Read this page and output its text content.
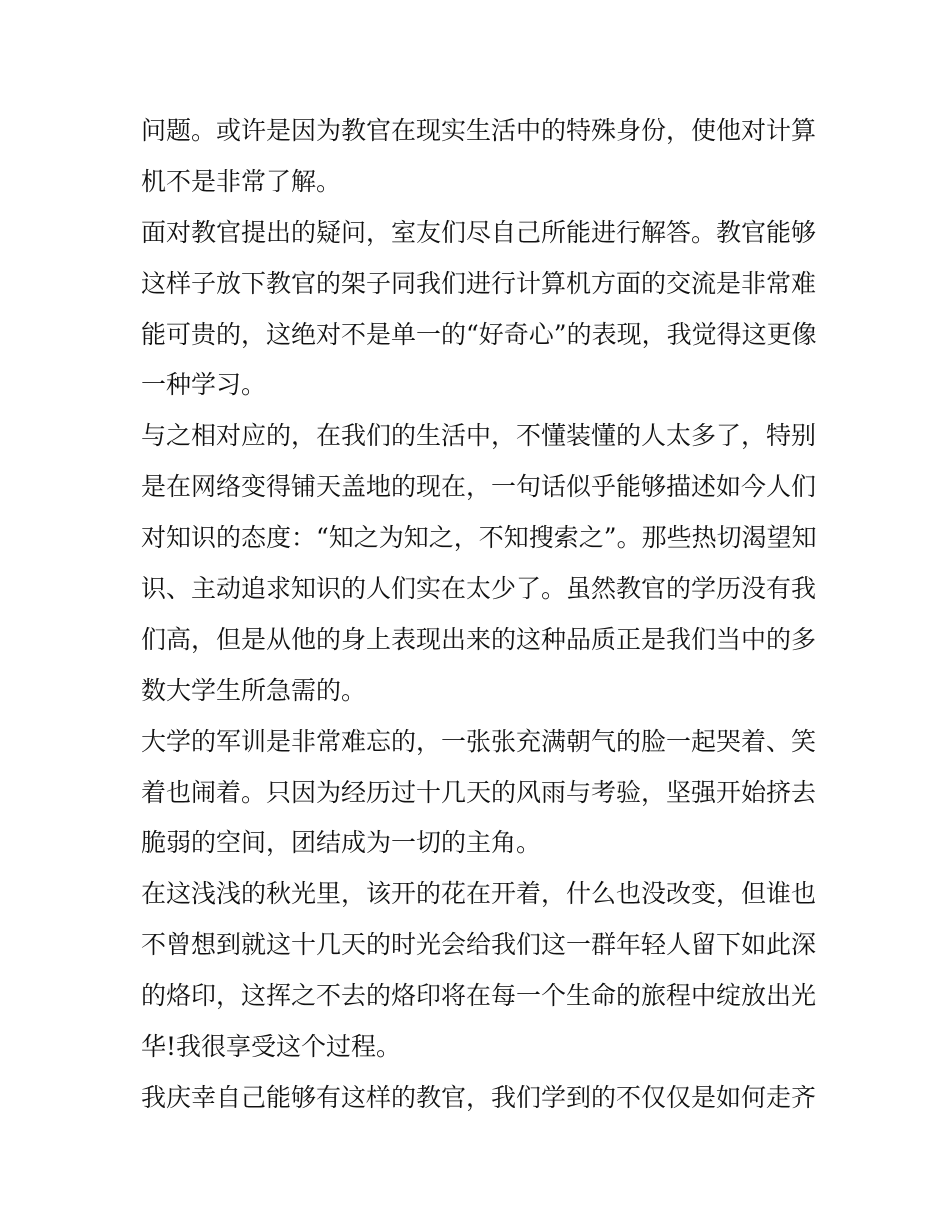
问题。或许是因为教官在现实生活中的特殊身份，使他对计算
机不是非常了解。
面对教官提出的疑问，室友们尽自己所能进行解答。教官能够
这样子放下教官的架子同我们进行计算机方面的交流是非常难
能可贵的，这绝对不是单一的“好奇心”的表现，我觉得这更像
一种学习。
与之相对应的，在我们的生活中，不懂装懂的人太多了，特别
是在网络变得铺天盖地的现在，一句话似乎能够描述如今人们
对知识的态度：“知之为知之，不知搜索之”。那些热切渴望知
识、主动追求知识的人们实在太少了。虽然教官的学历没有我
们高，但是从他的身上表现出来的这种品质正是我们当中的多
数大学生所急需的。
大学的军训是非常难忘的，一张张充满朝气的脸一起哭着、笑
着也闹着。只因为经历过十几天的风雨与考验，坚强开始挤去
脆弱的空间，团结成为一切的主角。
在这浅浅的秋光里，该开的花在开着，什么也没改变，但谁也
不曾想到就这十几天的时光会给我们这一群年轻人留下如此深
的烙印，这挥之不去的烙印将在每一个生命的旅程中绽放出光
华!我很享受这个过程。
我庆幸自己能够有这样的教官，我们学到的不仅仅是如何走齐
